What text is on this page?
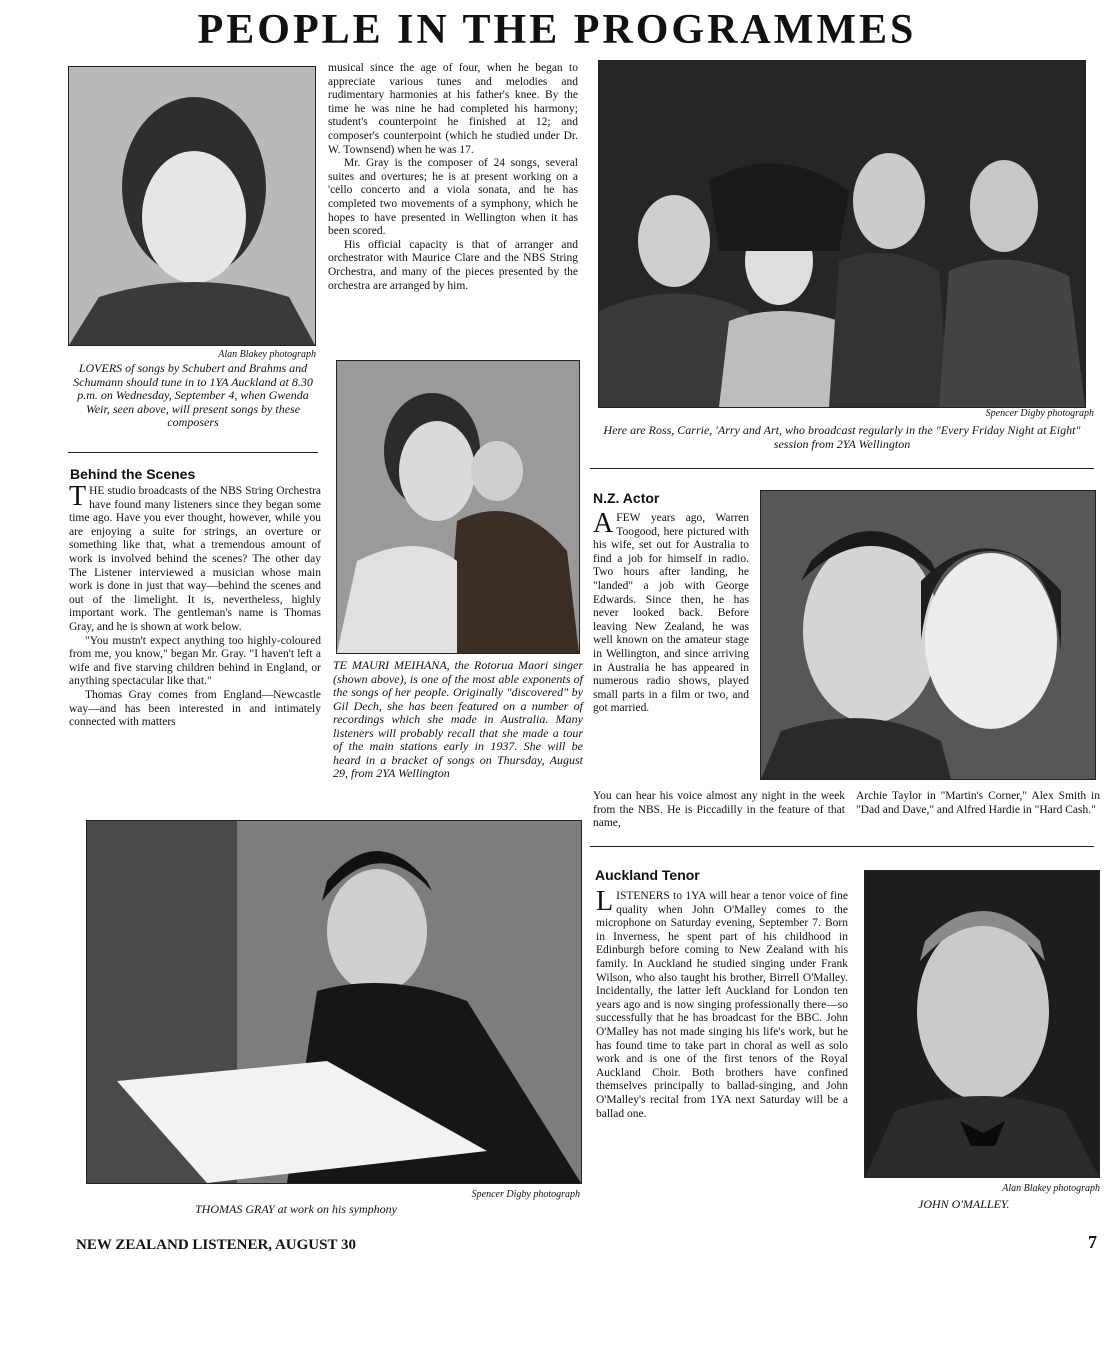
PEOPLE IN THE PROGRAMMES
Alan Blakey photograph
LOVERS of songs by Schubert and Brahms and Schumann should tune in to 1YA Auckland at 8.30 p.m. on Wednesday, September 4, when Gwenda Weir, seen above, will present songs by these composers
Behind the Scenes

THE studio broadcasts of the NBS String Orchestra have found many listeners since they began some time ago. Have you ever thought, however, while you are enjoying a suite for strings, an overture or something like that, what a tremendous amount of work is involved behind the scenes? The other day The Listener interviewed a musician whose main work is done in just that way—behind the scenes and out of the limelight. It is, nevertheless, highly important work. The gentleman's name is Thomas Gray, and he is shown at work below.

"You mustn't expect anything too highly-coloured from me, you know," began Mr. Gray. "I haven't left a wife and five starving children behind in England, or anything spectacular like that."

Thomas Gray comes from England—Newcastle way—and has been interested in and intimately connected with matters

musical since the age of four, when he began to appreciate various tunes and melodies and rudimentary harmonies at his father's knee. By the time he was nine he had completed his harmony; student's counterpoint he finished at 12; and composer's counterpoint (which he studied under Dr. W. Townsend) when he was 17.

Mr. Gray is the composer of 24 songs, several suites and overtures; he is at present working on a 'cello concerto and a viola sonata, and he has completed two movements of a symphony, which he hopes to have presented in Wellington when it has been scored.

His official capacity is that of arranger and orchestrator with Maurice Clare and the NBS String Orchestra, and many of the pieces presented by the orchestra are arranged by him.

Spencer Digby photograph
Here are Ross, Carrie, 'Arry and Art, who broadcast regularly in the "Every Friday Night at Eight" session from 2YA Wellington
TE MAURI MEIHANA, the Rotorua Maori singer (shown above), is one of the most able exponents of the songs of her people. Originally "discovered" by Gil Dech, she has been featured on a number of recordings which she made in Australia. Many listeners will probably recall that she made a tour of the main stations early in 1937. She will be heard in a bracket of songs on Thursday, August 29, from 2YA Wellington
N.Z. Actor

AFEW years ago, Warren Toogood, here pictured with his wife, set out for Australia to find a job for himself in radio. Two hours after landing, he "landed" a job with George Edwards. Since then, he has never looked back. Before leaving New Zealand, he was well known on the amateur stage in Wellington, and since arriving in Australia he has appeared in numerous radio shows, played small parts in a film or two, and got married.

You can hear his voice almost any night in the week from the NBS. He is Piccadilly in the feature of that name,
Archie Taylor in "Martin's Corner," Alex Smith in "Dad and Dave," and Alfred Hardie in "Hard Cash."
Spencer Digby photograph
THOMAS GRAY at work on his symphony
Auckland Tenor

LISTENERS to 1YA will hear a tenor voice of fine quality when John O'Malley comes to the microphone on Saturday evening, September 7. Born in Inverness, he spent part of his childhood in Edinburgh before coming to New Zealand with his family. In Auckland he studied singing under Frank Wilson, who also taught his brother, Birrell O'Malley. Incidentally, the latter left Auckland for London ten years ago and is now singing professionally there—so successfully that he has broadcast for the BBC. John O'Malley has not made singing his life's work, but he has found time to take part in choral as well as solo work and is one of the first tenors of the Royal Auckland Choir. Both brothers have confined themselves principally to ballad-singing, and John O'Malley's recital from 1YA next Saturday will be a ballad one.

Alan Blakey photograph
JOHN O'MALLEY.
NEW ZEALAND LISTENER, AUGUST 30	7
